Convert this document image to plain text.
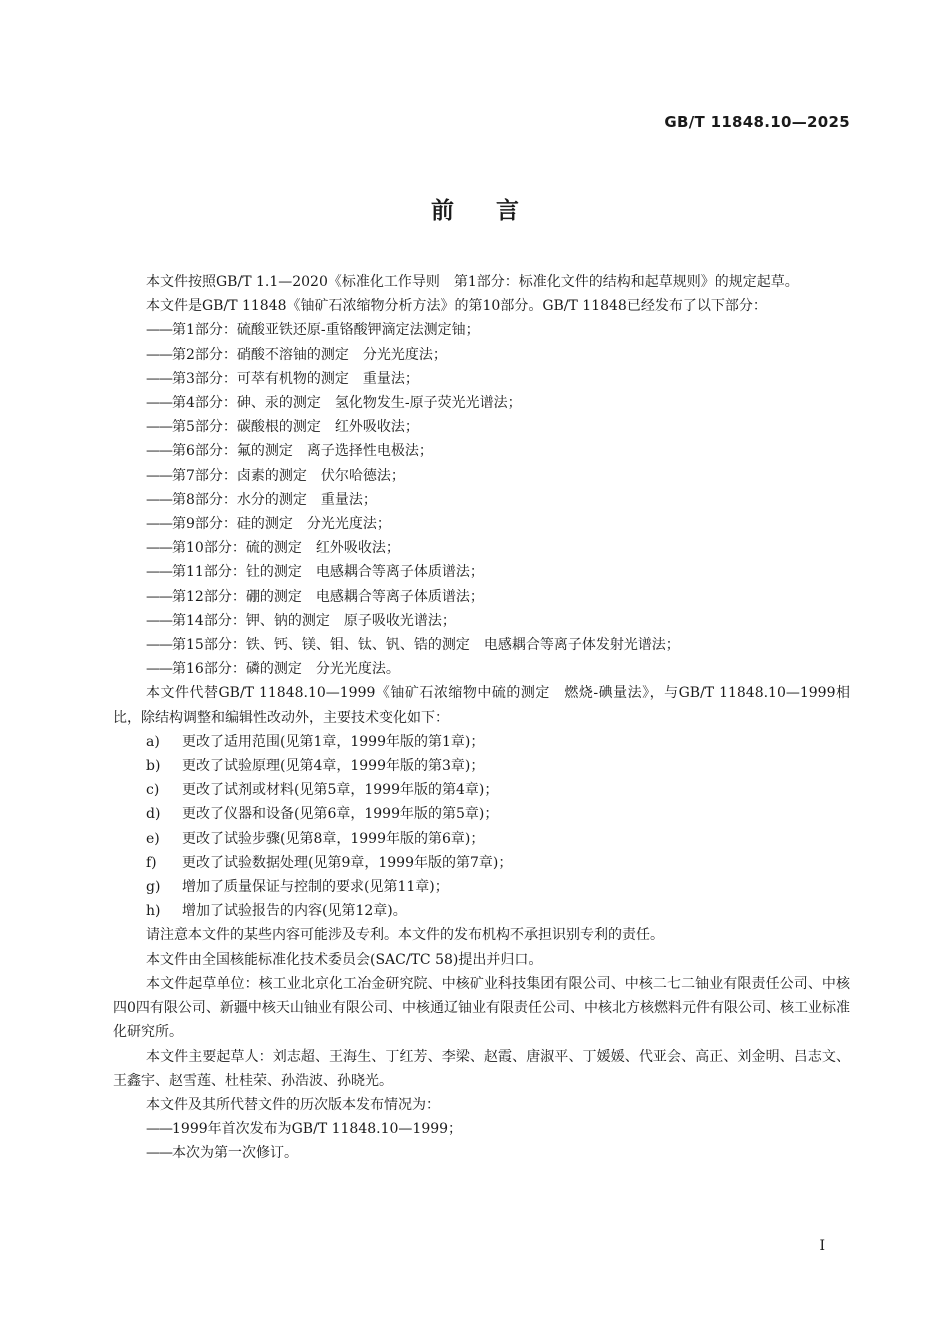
GB/T 11848.10—2025
前言

本文件按照GB/T 1.1—2020《标准化工作导则　第1部分：标准化文件的结构和起草规则》的规定起草。

本文件是GB/T 11848《铀矿石浓缩物分析方法》的第10部分。GB/T 11848已经发布了以下部分：

—— 第1部分：硫酸亚铁还原-重铬酸钾滴定法测定铀；

—— 第2部分：硝酸不溶铀的测定　分光光度法；

—— 第3部分：可萃有机物的测定　重量法；

—— 第4部分：砷、汞的测定　氢化物发生-原子荧光光谱法；

—— 第5部分：碳酸根的测定　红外吸收法；

—— 第6部分：氟的测定　离子选择性电极法；

—— 第7部分：卤素的测定　伏尔哈德法；

—— 第8部分：水分的测定　重量法；

—— 第9部分：硅的测定　分光光度法；

—— 第10部分：硫的测定　红外吸收法；

—— 第11部分：钍的测定　电感耦合等离子体质谱法；

—— 第12部分：硼的测定　电感耦合等离子体质谱法；

—— 第14部分：钾、钠的测定　原子吸收光谱法；

—— 第15部分：铁、钙、镁、钼、钛、钒、锆的测定　电感耦合等离子体发射光谱法；

—— 第16部分：磷的测定　分光光度法。

本文件代替GB/T 11848.10—1999《铀矿石浓缩物中硫的测定　燃烧-碘量法》，与GB/T 11848.10—1999相比，除结构调整和编辑性改动外，主要技术变化如下：

a)	更改了适用范围(见第1章，1999年版的第1章)；
b)	更改了试验原理(见第4章，1999年版的第3章)；
c)	更改了试剂或材料(见第5章，1999年版的第4章)；
d)	更改了仪器和设备(见第6章，1999年版的第5章)；
e)	更改了试验步骤(见第8章，1999年版的第6章)；
f)	更改了试验数据处理(见第9章，1999年版的第7章)；
g)	增加了质量保证与控制的要求(见第11章)；
h)	增加了试验报告的内容(见第12章)。

请注意本文件的某些内容可能涉及专利。本文件的发布机构不承担识别专利的责任。

本文件由全国核能标准化技术委员会(SAC/TC 58)提出并归口。

本文件起草单位：核工业北京化工冶金研究院、中核矿业科技集团有限公司、中核二七二铀业有限责任公司、中核四0四有限公司、新疆中核天山铀业有限公司、中核通辽铀业有限责任公司、中核北方核燃料元件有限公司、核工业标准化研究所。

本文件主要起草人：刘志超、王海生、丁红芳、李梁、赵霞、唐淑平、丁媛媛、代亚会、高正、刘金明、吕志文、王鑫宇、赵雪莲、杜桂荣、孙浩波、孙晓光。

本文件及其所代替文件的历次版本发布情况为：

—— 1999年首次发布为GB/T 11848.10—1999；

—— 本次为第一次修订。

I
